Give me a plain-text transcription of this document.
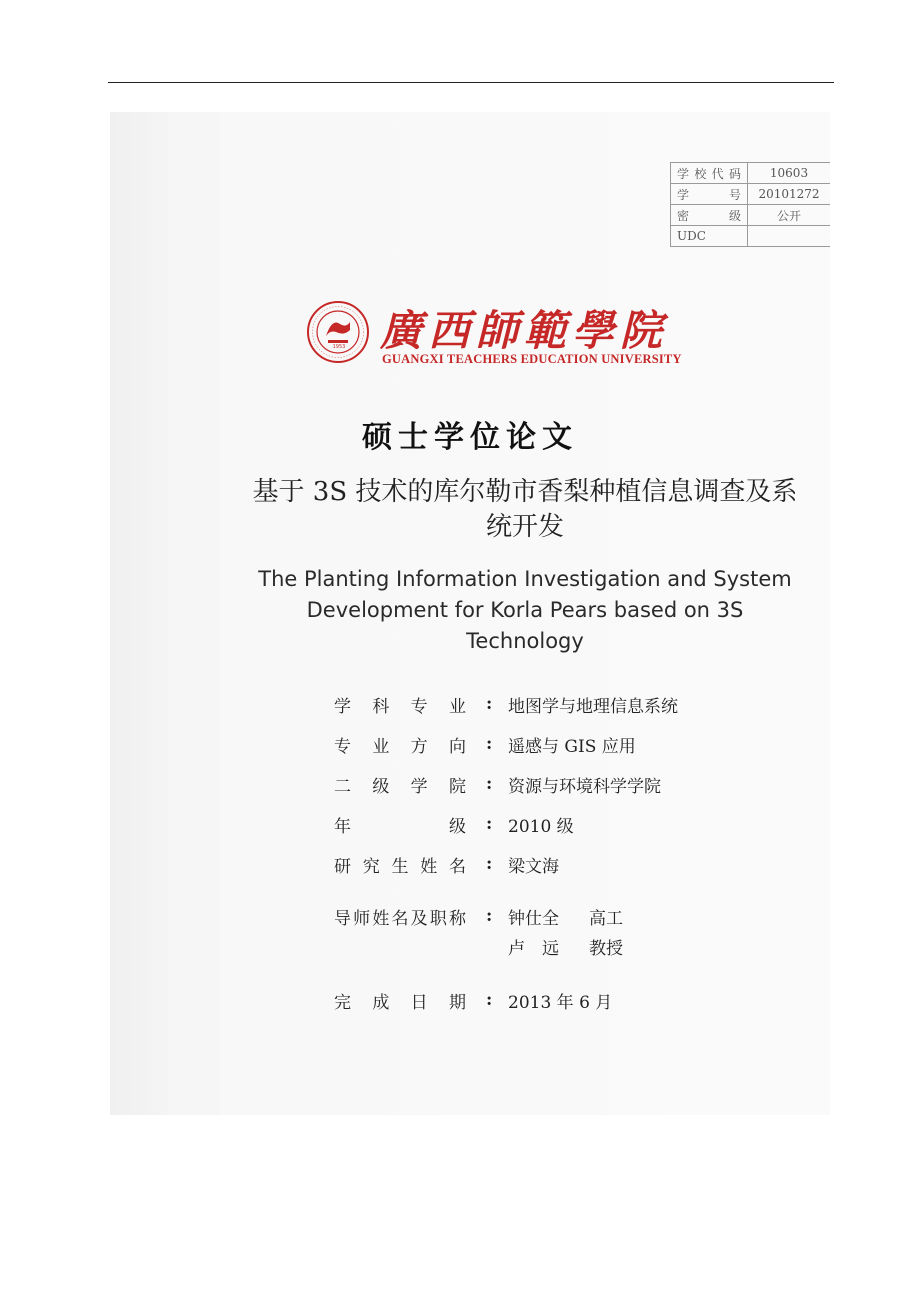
学校代码	10603
学号	20101272
密级	公开
UDC	
1953 廣西師範學院
GUANGXI TEACHERS EDUCATION UNIVERSITY
硕士学位论文
基于 3S 技术的库尔勒市香梨种植信息调查及系统开发
The Planting Information Investigation and System Development for Korla Pears based on 3S Technology
学科专业 : 地图学与地理信息系统
专业方向 : 遥感与 GIS 应用
二级学院 : 资源与环境科学学院
年级 : 2010 级
研究生姓名 : 梁文海
导师姓名及职称 : 钟仕全 高工
卢　远 教授
完成日期 : 2013 年 6 月
